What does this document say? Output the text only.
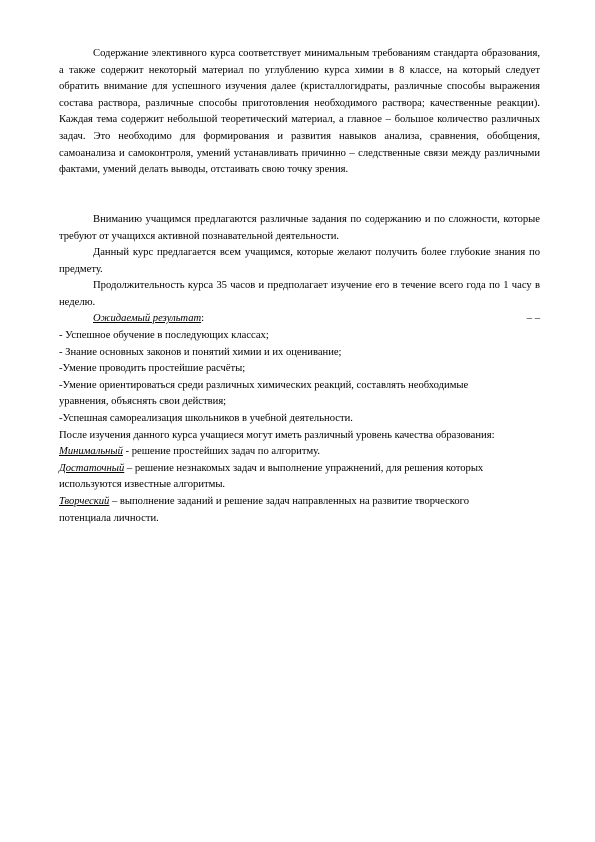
Содержание элективного курса соответствует минимальным требованиям стандарта образования, а также содержит некоторый материал по углублению курса химии в 8 классе, на который следует обратить внимание для успешного изучения далее (кристаллогидраты, различные способы выражения состава раствора, различные способы приготовления необходимого раствора; качественные реакции). Каждая тема содержит небольшой теоретический материал, а главное – большое количество различных задач. Это необходимо для формирования и развития навыков анализа, сравнения, обобщения, самоанализа и самоконтроля, умений устанавливать причинно – следственные связи между различными фактами, умений делать выводы, отстаивать свою точку зрения.

Вниманию учащимся предлагаются различные задания по содержанию и по сложности, которые требуют от учащихся активной познавательной деятельности.

Данный курс предлагается всем учащимся, которые желают получить более глубокие знания по предмету.

Продолжительность курса 35 часов и предполагает изучение его в течение всего года по 1 часу в неделю.

Ожидаемый результат:	– –

- Успешное обучение в последующих классах;

- Знание основных законов и понятий химии и их оценивание;

-Умение проводить простейшие расчёты;

-Умение ориентироваться среди различных химических реакций, составлять необходимые уравнения, объяснять свои действия;

-Успешная самореализация школьников в учебной деятельности.

После изучения данного курса учащиеся могут иметь различный уровень качества образования:

Минимальный - решение простейших задач по алгоритму.

Достаточный – решение незнакомых задач и выполнение упражнений, для решения которых используются известные алгоритмы.

Творческий – выполнение заданий и решение задач направленных на развитие творческого потенциала личности.
